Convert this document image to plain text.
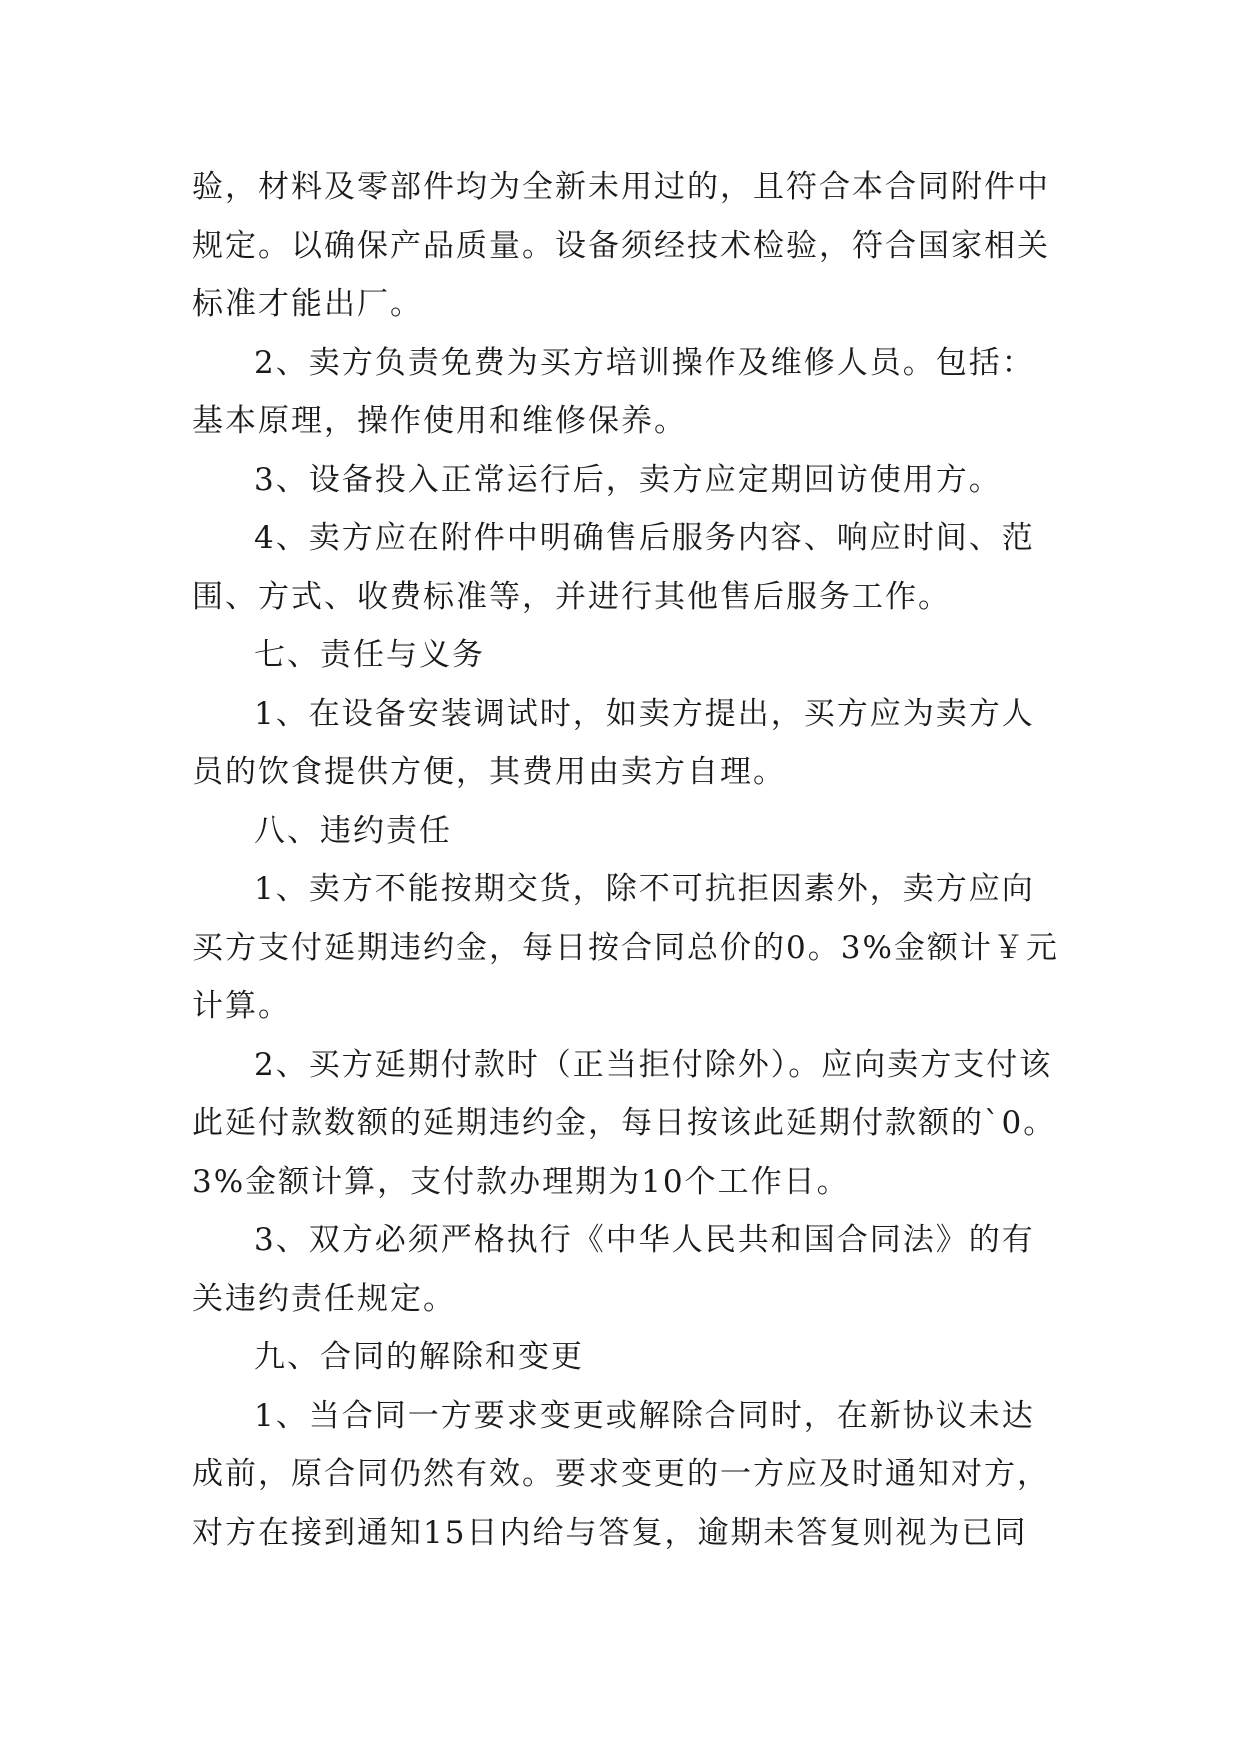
验，材料及零部件均为全新未用过的，且符合本合同附件中
规定。以确保产品质量。设备须经技术检验，符合国家相关
标准才能出厂。
2、卖方负责免费为买方培训操作及维修人员。包括：
基本原理，操作使用和维修保养。
3、设备投入正常运行后，卖方应定期回访使用方。
4、卖方应在附件中明确售后服务内容、响应时间、范
围、方式、收费标准等，并进行其他售后服务工作。
七、责任与义务
1、在设备安装调试时，如卖方提出，买方应为卖方人
员的饮食提供方便，其费用由卖方自理。
八、违约责任
1、卖方不能按期交货，除不可抗拒因素外，卖方应向
买方支付延期违约金，每日按合同总价的0。3%金额计￥元
计算。
2、买方延期付款时（正当拒付除外）。应向卖方支付该
此延付款数额的延期违约金，每日按该此延期付款额的`0。
3%金额计算，支付款办理期为10个工作日。
3、双方必须严格执行《中华人民共和国合同法》的有
关违约责任规定。
九、合同的解除和变更
1、当合同一方要求变更或解除合同时，在新协议未达
成前，原合同仍然有效。要求变更的一方应及时通知对方，
对方在接到通知15日内给与答复，逾期未答复则视为已同
